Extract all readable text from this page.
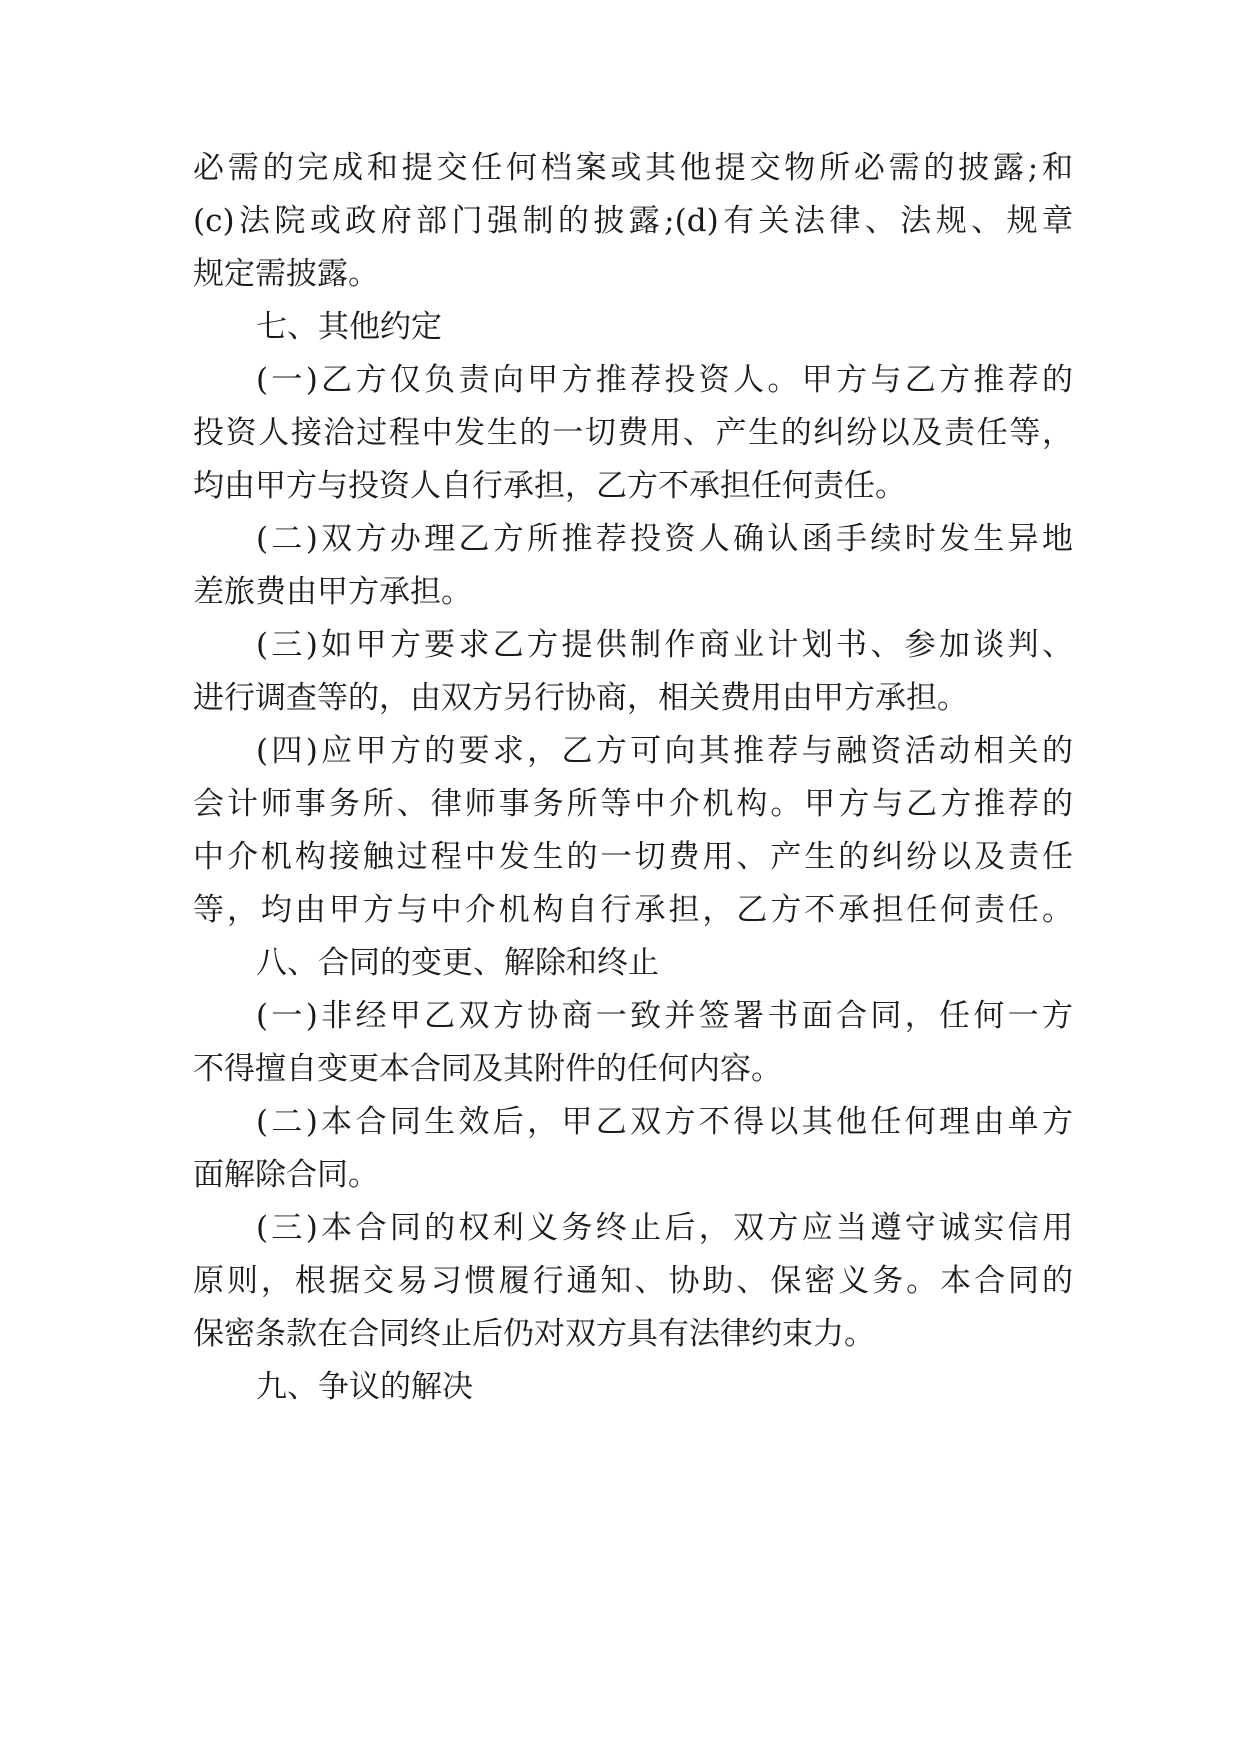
必需的完成和提交任何档案或其他提交物所必需的披露;和
(c)法院或政府部门强制的披露;(d)有关法律、法规、规章
规定需披露。
七、其他约定
(一)乙方仅负责向甲方推荐投资人。甲方与乙方推荐的
投资人接洽过程中发生的一切费用、产生的纠纷以及责任等，
均由甲方与投资人自行承担，乙方不承担任何责任。
(二)双方办理乙方所推荐投资人确认函手续时发生异地
差旅费由甲方承担。
(三)如甲方要求乙方提供制作商业计划书、参加谈判、
进行调查等的，由双方另行协商，相关费用由甲方承担。
(四)应甲方的要求，乙方可向其推荐与融资活动相关的
会计师事务所、律师事务所等中介机构。甲方与乙方推荐的
中介机构接触过程中发生的一切费用、产生的纠纷以及责任
等，均由甲方与中介机构自行承担，乙方不承担任何责任。
八、合同的变更、解除和终止
(一)非经甲乙双方协商一致并签署书面合同，任何一方
不得擅自变更本合同及其附件的任何内容。
(二)本合同生效后，甲乙双方不得以其他任何理由单方
面解除合同。
(三)本合同的权利义务终止后，双方应当遵守诚实信用
原则，根据交易习惯履行通知、协助、保密义务。本合同的
保密条款在合同终止后仍对双方具有法律约束力。
九、争议的解决
